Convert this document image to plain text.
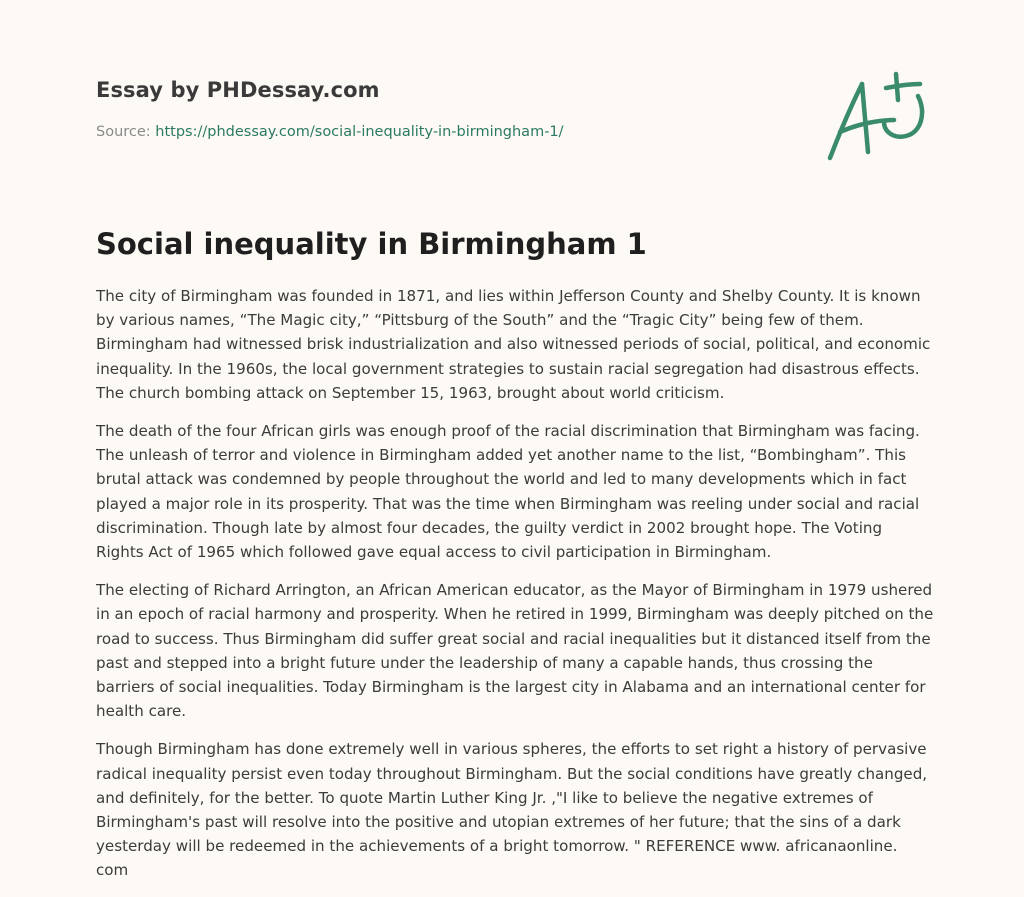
Essay by PHDessay.com
Source: https://phdessay.com/social-inequality-in-birmingham-1/
Social inequality in Birmingham 1

The city of Birmingham was founded in 1871, and lies within Jefferson County and Shelby County. It is known by various names, “The Magic city,” “Pittsburg of the South” and the “Tragic City” being few of them. Birmingham had witnessed brisk industrialization and also witnessed periods of social, political, and economic inequality. In the 1960s, the local government strategies to sustain racial segregation had disastrous effects. The church bombing attack on September 15, 1963, brought about world criticism.

The death of the four African girls was enough proof of the racial discrimination that Birmingham was facing. The unleash of terror and violence in Birmingham added yet another name to the list, “Bombingham”. This brutal attack was condemned by people throughout the world and led to many developments which in fact played a major role in its prosperity. That was the time when Birmingham was reeling under social and racial discrimination. Though late by almost four decades, the guilty verdict in 2002 brought hope. The Voting Rights Act of 1965 which followed gave equal access to civil participation in Birmingham.

The electing of Richard Arrington, an African American educator, as the Mayor of Birmingham in 1979 ushered in an epoch of racial harmony and prosperity. When he retired in 1999, Birmingham was deeply pitched on the road to success. Thus Birmingham did suffer great social and racial inequalities but it distanced itself from the past and stepped into a bright future under the leadership of many a capable hands, thus crossing the barriers of social inequalities. Today Birmingham is the largest city in Alabama and an international center for health care.

Though Birmingham has done extremely well in various spheres, the efforts to set right a history of pervasive radical inequality persist even today throughout Birmingham. But the social conditions have greatly changed, and definitely, for the better. To quote Martin Luther King Jr. ,"I like to believe the negative extremes of Birmingham's past will resolve into the positive and utopian extremes of her future; that the sins of a dark yesterday will be redeemed in the achievements of a bright tomorrow. " REFERENCE www. africanaonline. com
